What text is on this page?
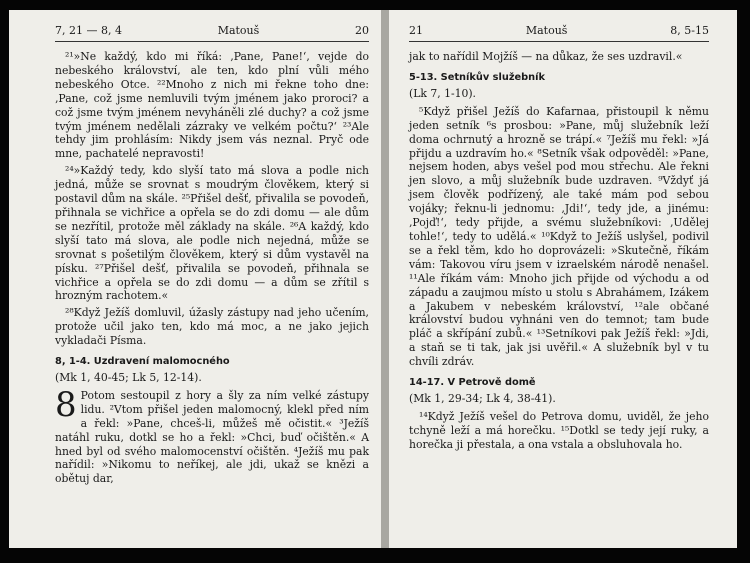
7, 21 — 8, 4	Matouš	20

²¹»Ne každý, kdo mi říká: ‚Pane, Pane!‘, vejde do nebeského království, ale ten, kdo plní vůli mého nebeského Otce. ²²Mnoho z nich mi řekne toho dne: ‚Pane, což jsme nemluvili tvým jménem jako proroci? a což jsme tvým jménem nevyháněli zlé duchy? a což jsme tvým jménem nedělali zázraky ve velkém počtu?‘ ²³Ale tehdy jim prohlásím: Nikdy jsem vás neznal. Pryč ode mne, pachatelé nepravosti!

²⁴»Každý tedy, kdo slyší tato má slova a podle nich jedná, může se srovnat s moudrým člověkem, který si postavil dům na skále. ²⁵Přišel dešť, přivalila se povodeň, přihnala se vichřice a opřela se do zdi domu — ale dům se nezřítil, protože měl základy na skále. ²⁶A každý, kdo slyší tato má slova, ale podle nich nejedná, může se srovnat s pošetilým člověkem, který si dům vystavěl na písku. ²⁷Přišel dešť, přivalila se povodeň, přihnala se vichřice a opřela se do zdi domu — a dům se zřítil s hrozným rachotem.«

²⁸Když Ježíš domluvil, úžasly zástupy nad jeho učením, protože učil jako ten, kdo má moc, a ne jako jejich vykladači Písma.

8, 1-4. Uzdravení malomocného
(Mk 1, 40-45; Lk 5, 12-14).
8 Potom sestoupil z hory a šly za ním velké zástupy lidu. ²Vtom přišel jeden malomocný, klekl před ním a řekl: »Pane, chceš-li, můžeš mě očistit.« ³Ježíš natáhl ruku, dotkl se ho a řekl: »Chci, buď očištěn.« A hned byl od svého malomocenství očištěn. ⁴Ježíš mu pak nařídil: »Nikomu to neříkej, ale jdi, ukaž se knězi a obětuj dar,

21	Matouš	8, 5-15

jak to nařídil Mojžíš — na důkaz, že ses uzdravil.«

5-13. Setníkův služebník
(Lk 7, 1-10).

⁵Když přišel Ježíš do Kafarnaa, přistoupil k němu jeden setník ⁶s prosbou: »Pane, můj služebník leží doma ochrnutý a hrozně se trápí.« ⁷Ježíš mu řekl: »Já přijdu a uzdravím ho.« ⁸Setník však odpověděl: »Pane, nejsem hoden, abys vešel pod mou střechu. Ale řekni jen slovo, a můj služebník bude uzdraven. ⁹Vždyť já jsem člověk podřízený, ale také mám pod sebou vojáky; řeknu-li jednomu: ‚Jdi!‘, tedy jde, a jinému: ‚Pojď!‘, tedy přijde, a svému služebníkovi: ‚Udělej tohle!‘, tedy to udělá.« ¹⁰Když to Ježíš uslyšel, podivil se a řekl těm, kdo ho doprovázeli: »Skutečně, říkám vám: Takovou víru jsem v izraelském národě nenašel. ¹¹Ale říkám vám: Mnoho jich přijde od východu a od západu a zaujmou místo u stolu s Abrahámem, Izákem a Jakubem v nebeském království, ¹²ale občané království budou vyhnáni ven do temnot; tam bude pláč a skřípání zubů.« ¹³Setníkovi pak Ježíš řekl: »Jdi, a staň se ti tak, jak jsi uvěřil.« A služebník byl v tu chvíli zdráv.

14-17. V Petrově domě
(Mk 1, 29-34; Lk 4, 38-41).

¹⁴Když Ježíš vešel do Petrova domu, uviděl, že jeho tchyně leží a má horečku. ¹⁵Dotkl se tedy její ruky, a horečka ji přestala, a ona vstala a obsluhovala ho.
